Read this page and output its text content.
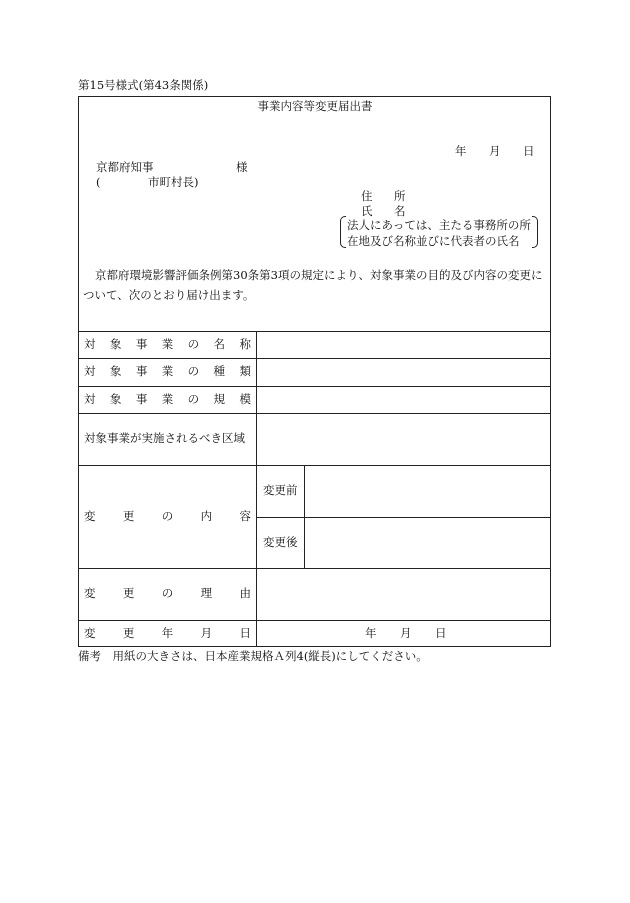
第15号様式(第43条関係)
事業内容等変更届出書
年 月 日
京都府知事	様
(	市町村長)
住 所
氏 名
法人にあっては、主たる事務所の所
在地及び名称並びに代表者の氏名
京都府環境影響評価条例第30条第3項の規定により、対象事業の目的及び内容の変更について、次のとおり届け出ます。
対 象 事 業 の 名 称
対 象 事 業 の 種 類
対 象 事 業 の 規 模
対象事業が実施されるべき区域
変 更 の 内 容
変更前
変更後
変 更 の 理 由
変 更 年 月 日	年 月 日
備考　用紙の大きさは、日本産業規格Ａ列4(縦長)にしてください。
